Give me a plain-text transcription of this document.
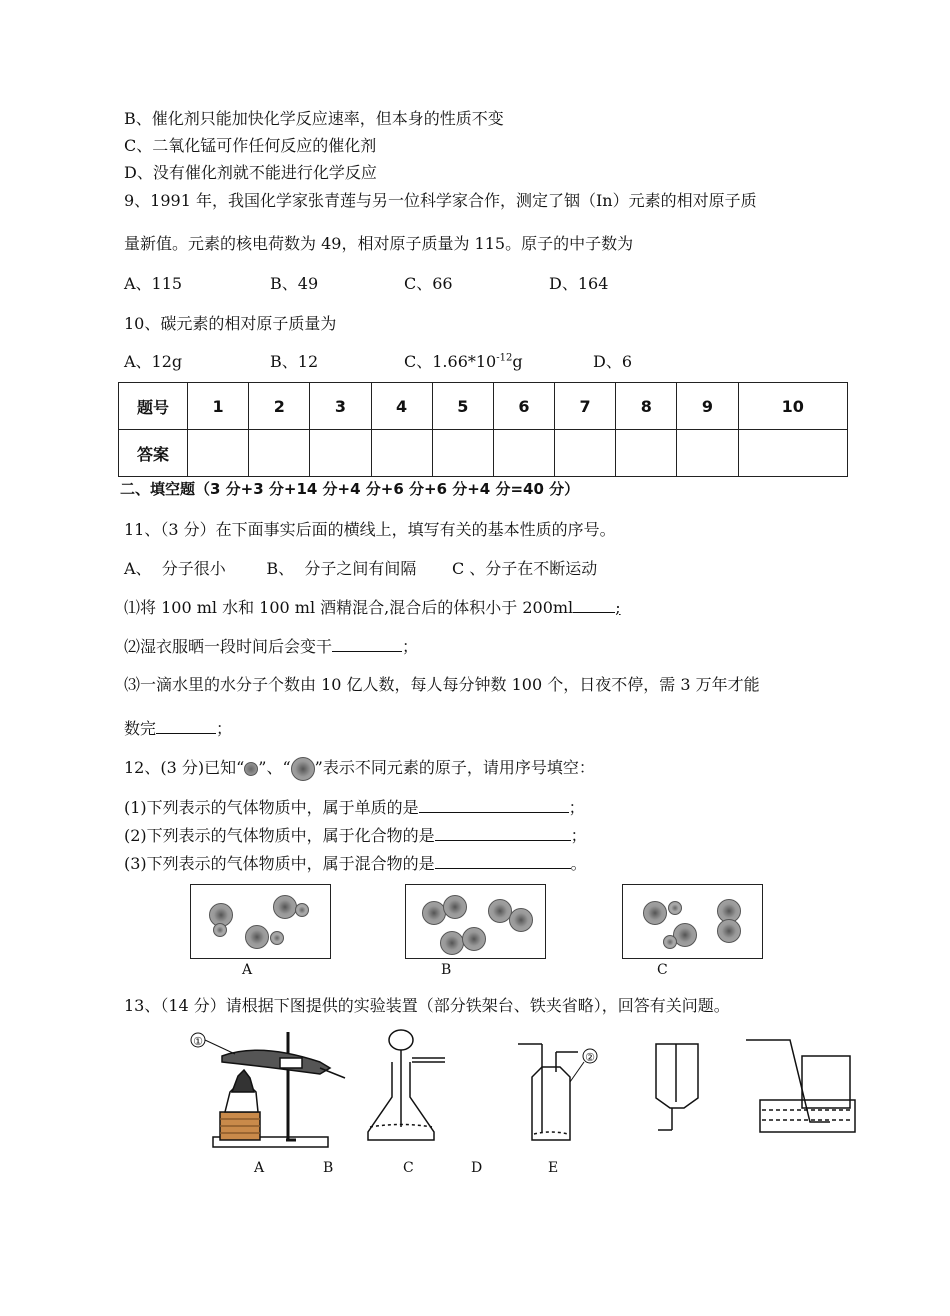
B、催化剂只能加快化学反应速率，但本身的性质不变
C、二氧化锰可作任何反应的催化剂
D、没有催化剂就不能进行化学反应
9、1991 年，我国化学家张青莲与另一位科学家合作，测定了铟（In）元素的相对原子质
量新值。元素的核电荷数为 49，相对原子质量为 115。原子的中子数为
A、115	B、49	C、66	D、164
10、碳元素的相对原子质量为
A、12g	B、12	C、$1.66*10^{-12}g$	D、6
题号	1	2	3	4	5	6	7	8	9	10
答案										
二、填空题（3 分+3 分+14 分+4 分+6 分+6 分+4 分=40 分）
11、（3 分）在下面事实后面的横线上，填写有关的基本性质的序号。
A、  分子很小        B、  分子之间有间隔       C 、分子在不断运动
⑴将 100 ml 水和 100 ml 酒精混合,混合后的体积小于 200ml	;
⑵湿衣服晒一段时间后会变干	；
⑶一滴水里的水分子个数由 10 亿人数，每人每分钟数 100 个，日夜不停，需 3 万年才能
数完	；
12、(3 分)已知“ ”、“ ”表示不同元素的原子，请用序号填空：
(1)下列表示的气体物质中，属于单质的是	；
(2)下列表示的气体物质中，属于化合物的是	；
(3)下列表示的气体物质中，属于混合物的是	。
A	B	C
13、（14 分）请根据下图提供的实验装置（部分铁架台、铁夹省略），回答有关问题。
①
②
A	B	C	D	E
